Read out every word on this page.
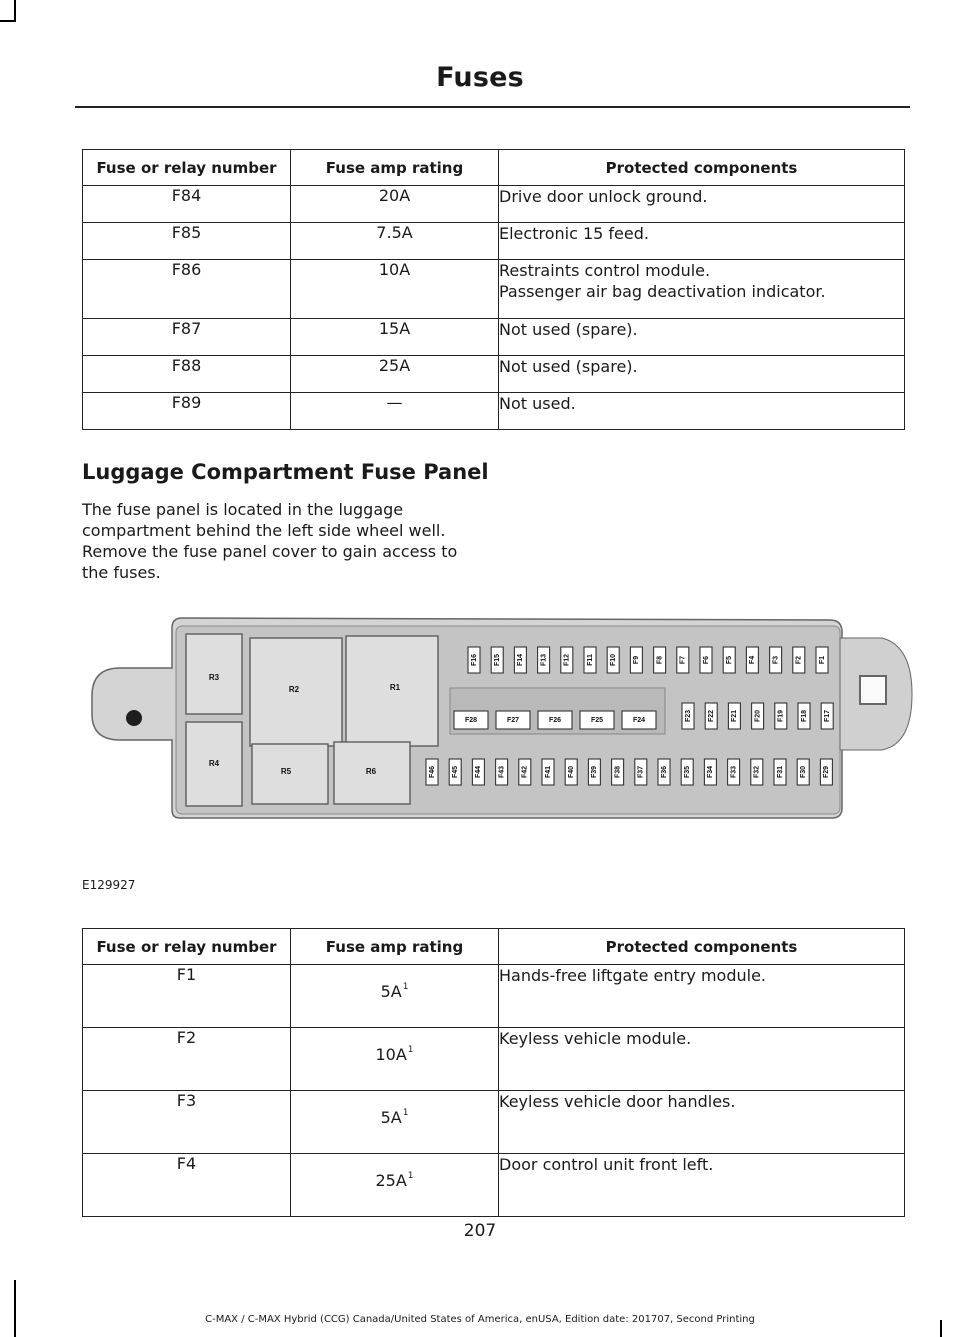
Fuses
Fuse or relay number	Fuse amp rating	Protected components
F84	20A	Drive door unlock ground.
F85	7.5A	Electronic 15 feed.
F86	10A	Restraints control module.
Passenger air bag deactivation indicator.

F87	15A	Not used (spare).
F88	25A	Not used (spare).
F89	—	Not used.
Luggage Compartment Fuse Panel
The fuse panel is located in the luggage compartment behind the left side wheel well. Remove the fuse panel cover to gain access to the fuses.
R1
R2
R3
R4
R5	R6
F16 F15 F14 F13 F12 F11 F10 F9 F8 F7 F6 F5 F4 F3 F2 F1
F28	F27	F26	F25	F24	F23 F22 F21 F20 F19 F18 F17
F46 F45 F44 F43 F42 F41 F40 F39 F38 F37 F36 F35 F34 F33 F32 F31 F30 F29
E129927
Fuse or relay number	Fuse amp rating	Protected components
F1	$5A^1$	Hands-free liftgate entry module.
F2	$10A^1$	Keyless vehicle module.
F3	$5A^1$	Keyless vehicle door handles.
F4	$25A^1$	Door control unit front left.
207
C-MAX / C-MAX Hybrid (CCG) Canada/United States of America, enUSA, Edition date: 201707, Second Printing
